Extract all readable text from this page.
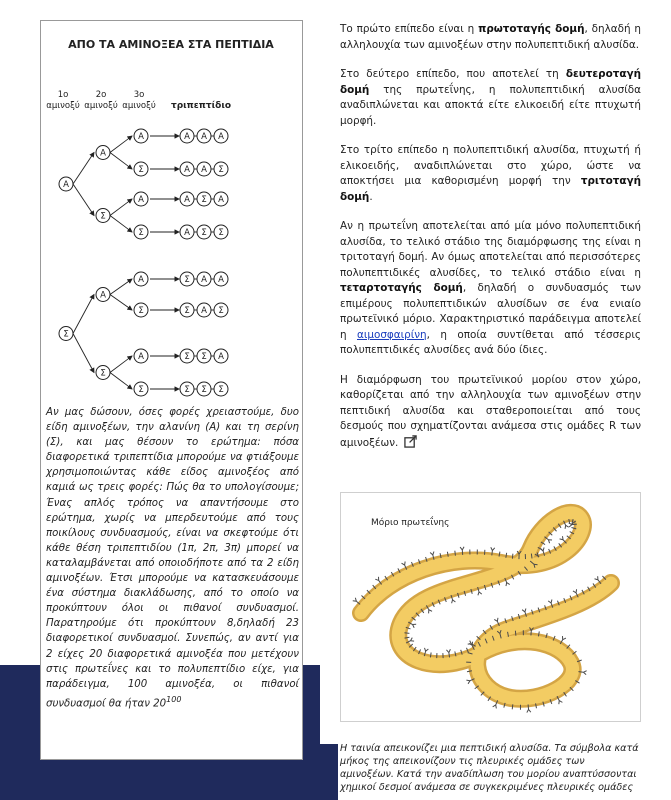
ΑΠΟ ΤΑ ΑΜΙΝΟΞΕΑ ΣΤΑ ΠΕΠΤΙΔΙΑ
1ο
αμινοξύ
2ο
αμινοξύ
3ο
αμινοξύ τριπεπτίδιο
Α
Σ
Α
Σ
Α
Σ
Α	Α Α Α
Σ	Α Α Σ
Α	Α Σ Α
Σ	Α Σ Σ
Α	Σ Α Α
Σ	Σ Α Σ
Α	Σ Σ Α
Σ	Σ Σ Σ
Αν μας δώσουν, όσες φορές χρειαστούμε, δυο είδη αμινοξέων, την αλανίνη (Α) και τη σερίνη (Σ), και μας θέσουν το ερώτημα: πόσα διαφορετικά τριπεπτίδια μπορούμε να φτιάξουμε χρησιμοποιώντας κάθε είδος αμινοξέος από καμιά ως τρεις φορές: Πώς θα το υπολογίσουμε; Ένας απλός τρόπος να απαντήσουμε στο ερώτημα, χωρίς να μπερδευτούμε από τους ποικίλους συνδυασμούς, είναι να σκεφτούμε ότι κάθε θέση τριπεπτιδίου (1π, 2π, 3π) μπορεί να καταλαμβάνεται από οποιοδήποτε από τα 2 είδη αμινοξέων. Έτσι μπορούμε να κατασκευάσουμε ένα σύστημα διακλάδωσης, από το οποίο να προκύπτουν όλοι οι πιθανοί συνδυασμοί. Παρατηρούμε ότι προκύπτουν 8,δηλαδή 23 διαφορετικοί συνδυασμοί. Συνεπώς, αν αντί για 2 είχες 20 διαφορετικά αμινοξέα που μετέχουν στις πρωτεΐνες και το πολυπεπτίδιο είχε, για παράδειγμα, 100 αμινοξέα, οι πιθανοί συνδυασμοί θα ήταν $20^{100}$

Το πρώτο επίπεδο είναι η πρωτοταγής δομή, δηλαδή η αλληλουχία των αμινοξέων στην πολυπεπτιδική αλυσίδα.

Στο δεύτερο επίπεδο, που αποτελεί τη δευτεροταγή δομή της πρωτεΐνης, η πολυπεπτιδική αλυσίδα αναδιπλώνεται και αποκτά είτε ελικοειδή είτε πτυχωτή μορφή.

Στο τρίτο επίπεδο η πολυπεπτιδική αλυσίδα, πτυχωτή ή ελικοειδής, αναδιπλώνεται στο χώρο, ώστε να αποκτήσει μια καθορισμένη μορφή την τριτοταγή δομή.

Αν η πρωτεΐνη αποτελείται από μία μόνο πολυπεπτιδική αλυσίδα, το τελικό στάδιο της διαμόρφωσης της είναι η τριτοταγή δομή. Αν όμως αποτελείται από περισσότερες πολυπεπτιδικές αλυσίδες, το τελικό στάδιο είναι η τεταρτοταγής δομή, δηλαδή ο συνδυασμός των επιμέρους πολυπεπτιδικών αλυσίδων σε ένα ενιαίο πρωτεϊνικό μόριο. Χαρακτηριστικό παράδειγμα αποτελεί η αιμοσφαιρίνη, η οποία συντίθεται από τέσσερις πολυπεπτιδικές αλυσίδες ανά δύο ίδιες.

Η διαμόρφωση του πρωτεϊνικού μορίου στον χώρο, καθορίζεται από την αλληλουχία των αμινοξέων στην πεπτιδική αλυσίδα και σταθεροποιείται από τους δεσμούς που σχηματίζονται ανάμεσα στις ομάδες R των αμινοξέων.

Μόριο πρωτεΐνης
Η ταινία απεικονίζει μια πεπτιδική αλυσίδα. Τα σύμβολα κατά μήκος της απεικονίζουν τις πλευρικές ομάδες των αμινοξέων. Κατά την αναδίπλωση του μορίου αναπτύσσονται χημικοί δεσμοί ανάμεσα σε συγκεκριμένες πλευρικές ομάδες
